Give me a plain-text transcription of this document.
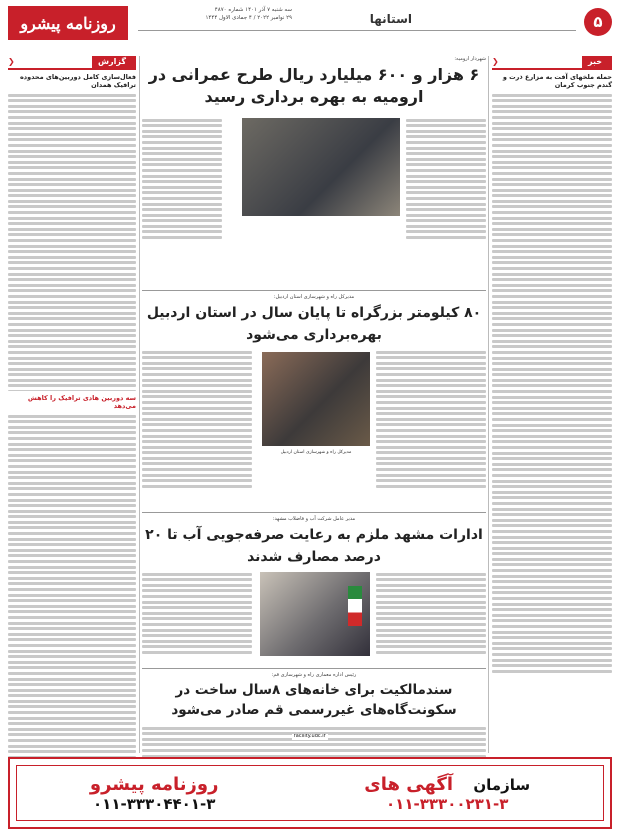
۵
استانها
سه شنبه ۷ آذر ۱۴۰۱ شماره ۴۸۷۰
۲۹ نوامبر ۲۰۲۲ / ۴ جمادی الاول ۱۴۴۴
روزنامه پیشرو
خبر
❮
حمله ملخهای آفت به مزارع ذرت و گندم جنوب کرمان
گزارش
❮
فعال‌سازی کامل دوربین‌های محدوده ترافیک همدان
سه دوربین هادی ترافیک را کاهش می‌دهد
شهردار ارومیه:
۶ هزار و ۶۰۰ میلیارد ریال طرح عمرانی در ارومیه به بهره برداری رسید
مدیرکل راه و شهرسازی استان اردبیل:
۸۰ کیلومتر بزرگراه تا پایان سال در استان اردبیل بهره‌برداری می‌شود
مدیرکل راه و شهرسازی استان اردبیل
مدیر عامل شرکت آب و فاضلاب مشهد:
ادارات مشهد ملزم به رعایت صرفه‌جویی آب تا ۲۰ درصد مصارف شدند
رئیس اداره معماری راه و شهرسازی قم:
سندمالکیت برای خانه‌های ۸سال ساخت در سکونت‌گاه‌های غیررسمی قم صادر می‌شود
facility.udc.ir
سازمان    آگهی های
۰۱۱-۳۳۳۰۰۲۳۱-۳
روزنامه پیشرو
۰۱۱-۳۳۳۰۴۴۰۱-۳
